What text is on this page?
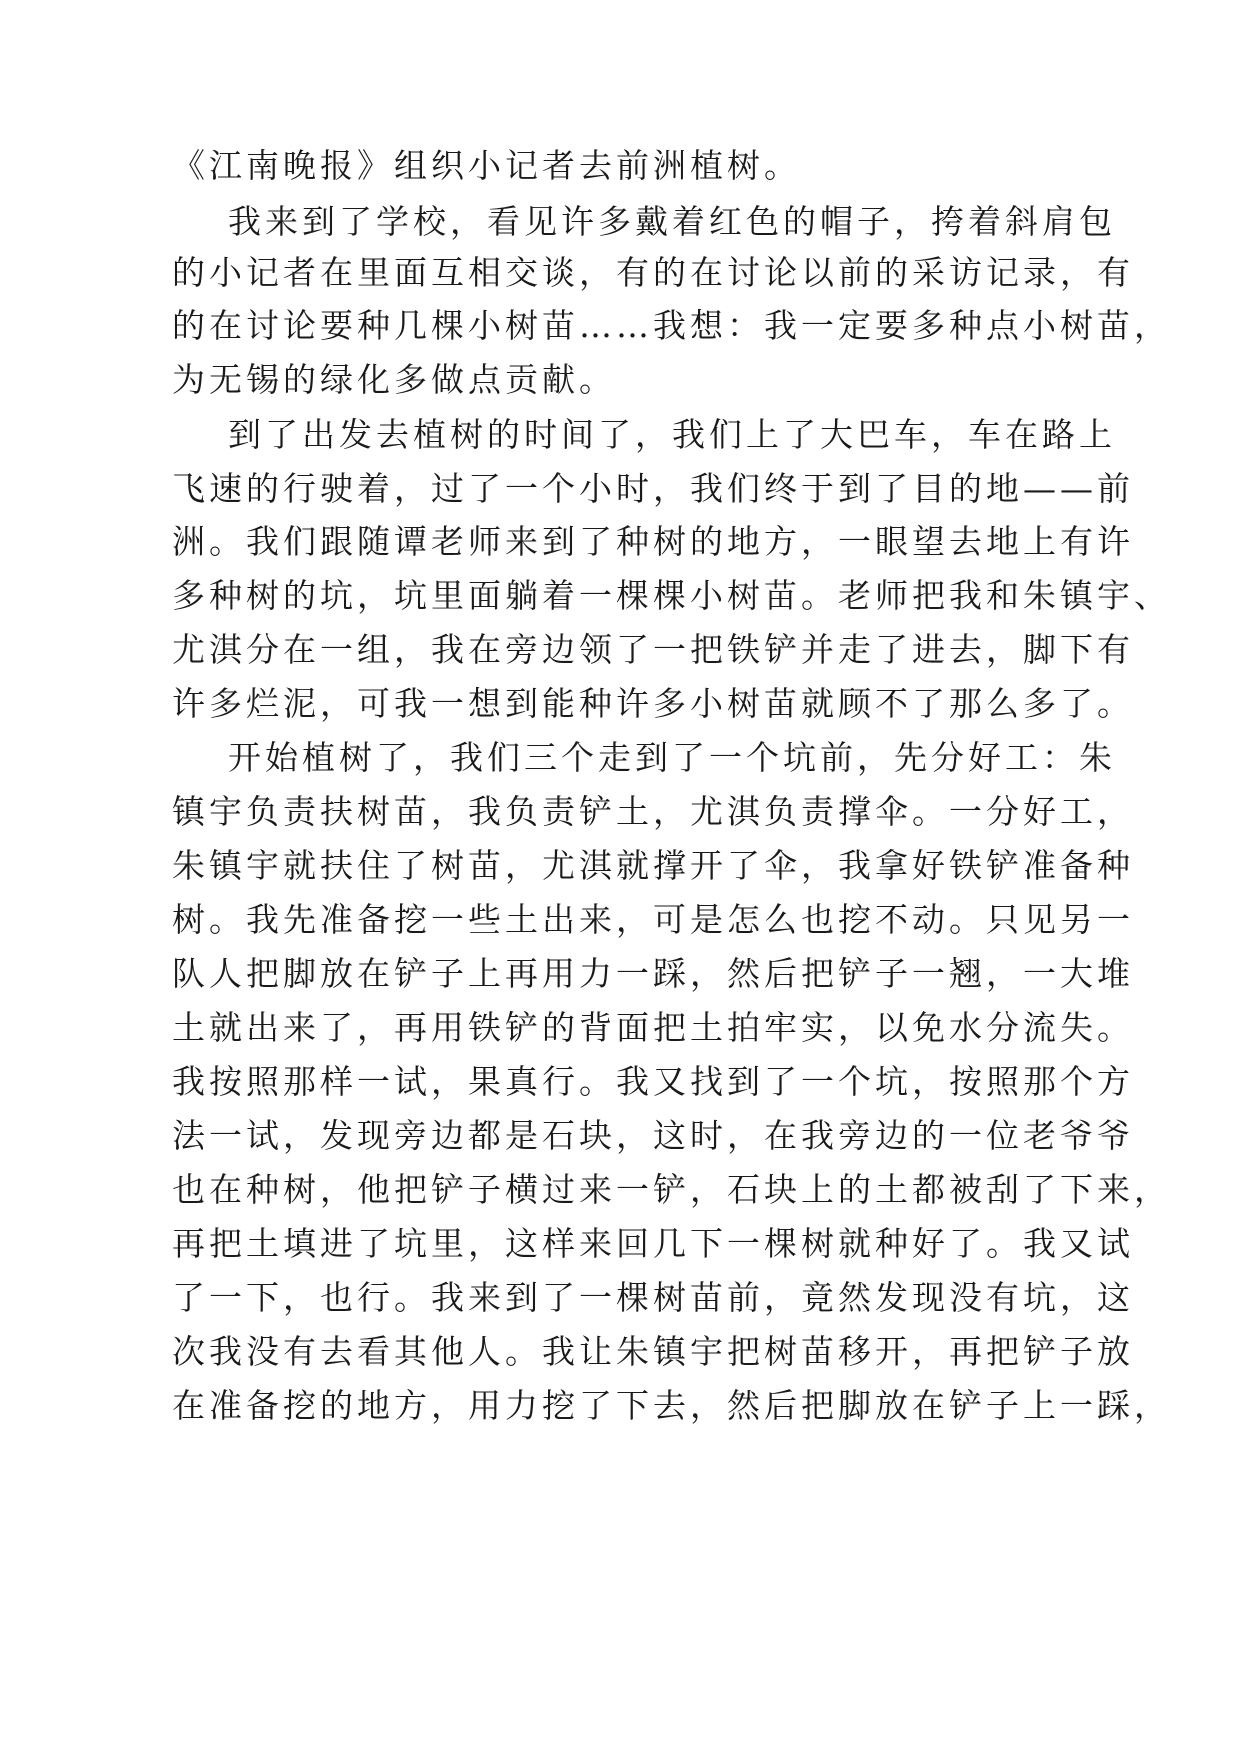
《江南晚报》组织小记者去前洲植树。
我来到了学校，看见许多戴着红色的帽子，挎着斜肩包
的小记者在里面互相交谈，有的在讨论以前的采访记录，有
的在讨论要种几棵小树苗……我想：我一定要多种点小树苗，
为无锡的绿化多做点贡献。
到了出发去植树的时间了，我们上了大巴车，车在路上
飞速的行驶着，过了一个小时，我们终于到了目的地——前
洲。我们跟随谭老师来到了种树的地方，一眼望去地上有许
多种树的坑，坑里面躺着一棵棵小树苗。老师把我和朱镇宇、
尤淇分在一组，我在旁边领了一把铁铲并走了进去，脚下有
许多烂泥，可我一想到能种许多小树苗就顾不了那么多了。
开始植树了，我们三个走到了一个坑前，先分好工：朱
镇宇负责扶树苗，我负责铲土，尤淇负责撑伞。一分好工，
朱镇宇就扶住了树苗，尤淇就撑开了伞，我拿好铁铲准备种
树。我先准备挖一些土出来，可是怎么也挖不动。只见另一
队人把脚放在铲子上再用力一踩，然后把铲子一翘，一大堆
土就出来了，再用铁铲的背面把土拍牢实，以免水分流失。
我按照那样一试，果真行。我又找到了一个坑，按照那个方
法一试，发现旁边都是石块，这时，在我旁边的一位老爷爷
也在种树，他把铲子横过来一铲，石块上的土都被刮了下来，
再把土填进了坑里，这样来回几下一棵树就种好了。我又试
了一下，也行。我来到了一棵树苗前，竟然发现没有坑，这
次我没有去看其他人。我让朱镇宇把树苗移开，再把铲子放
在准备挖的地方，用力挖了下去，然后把脚放在铲子上一踩，
